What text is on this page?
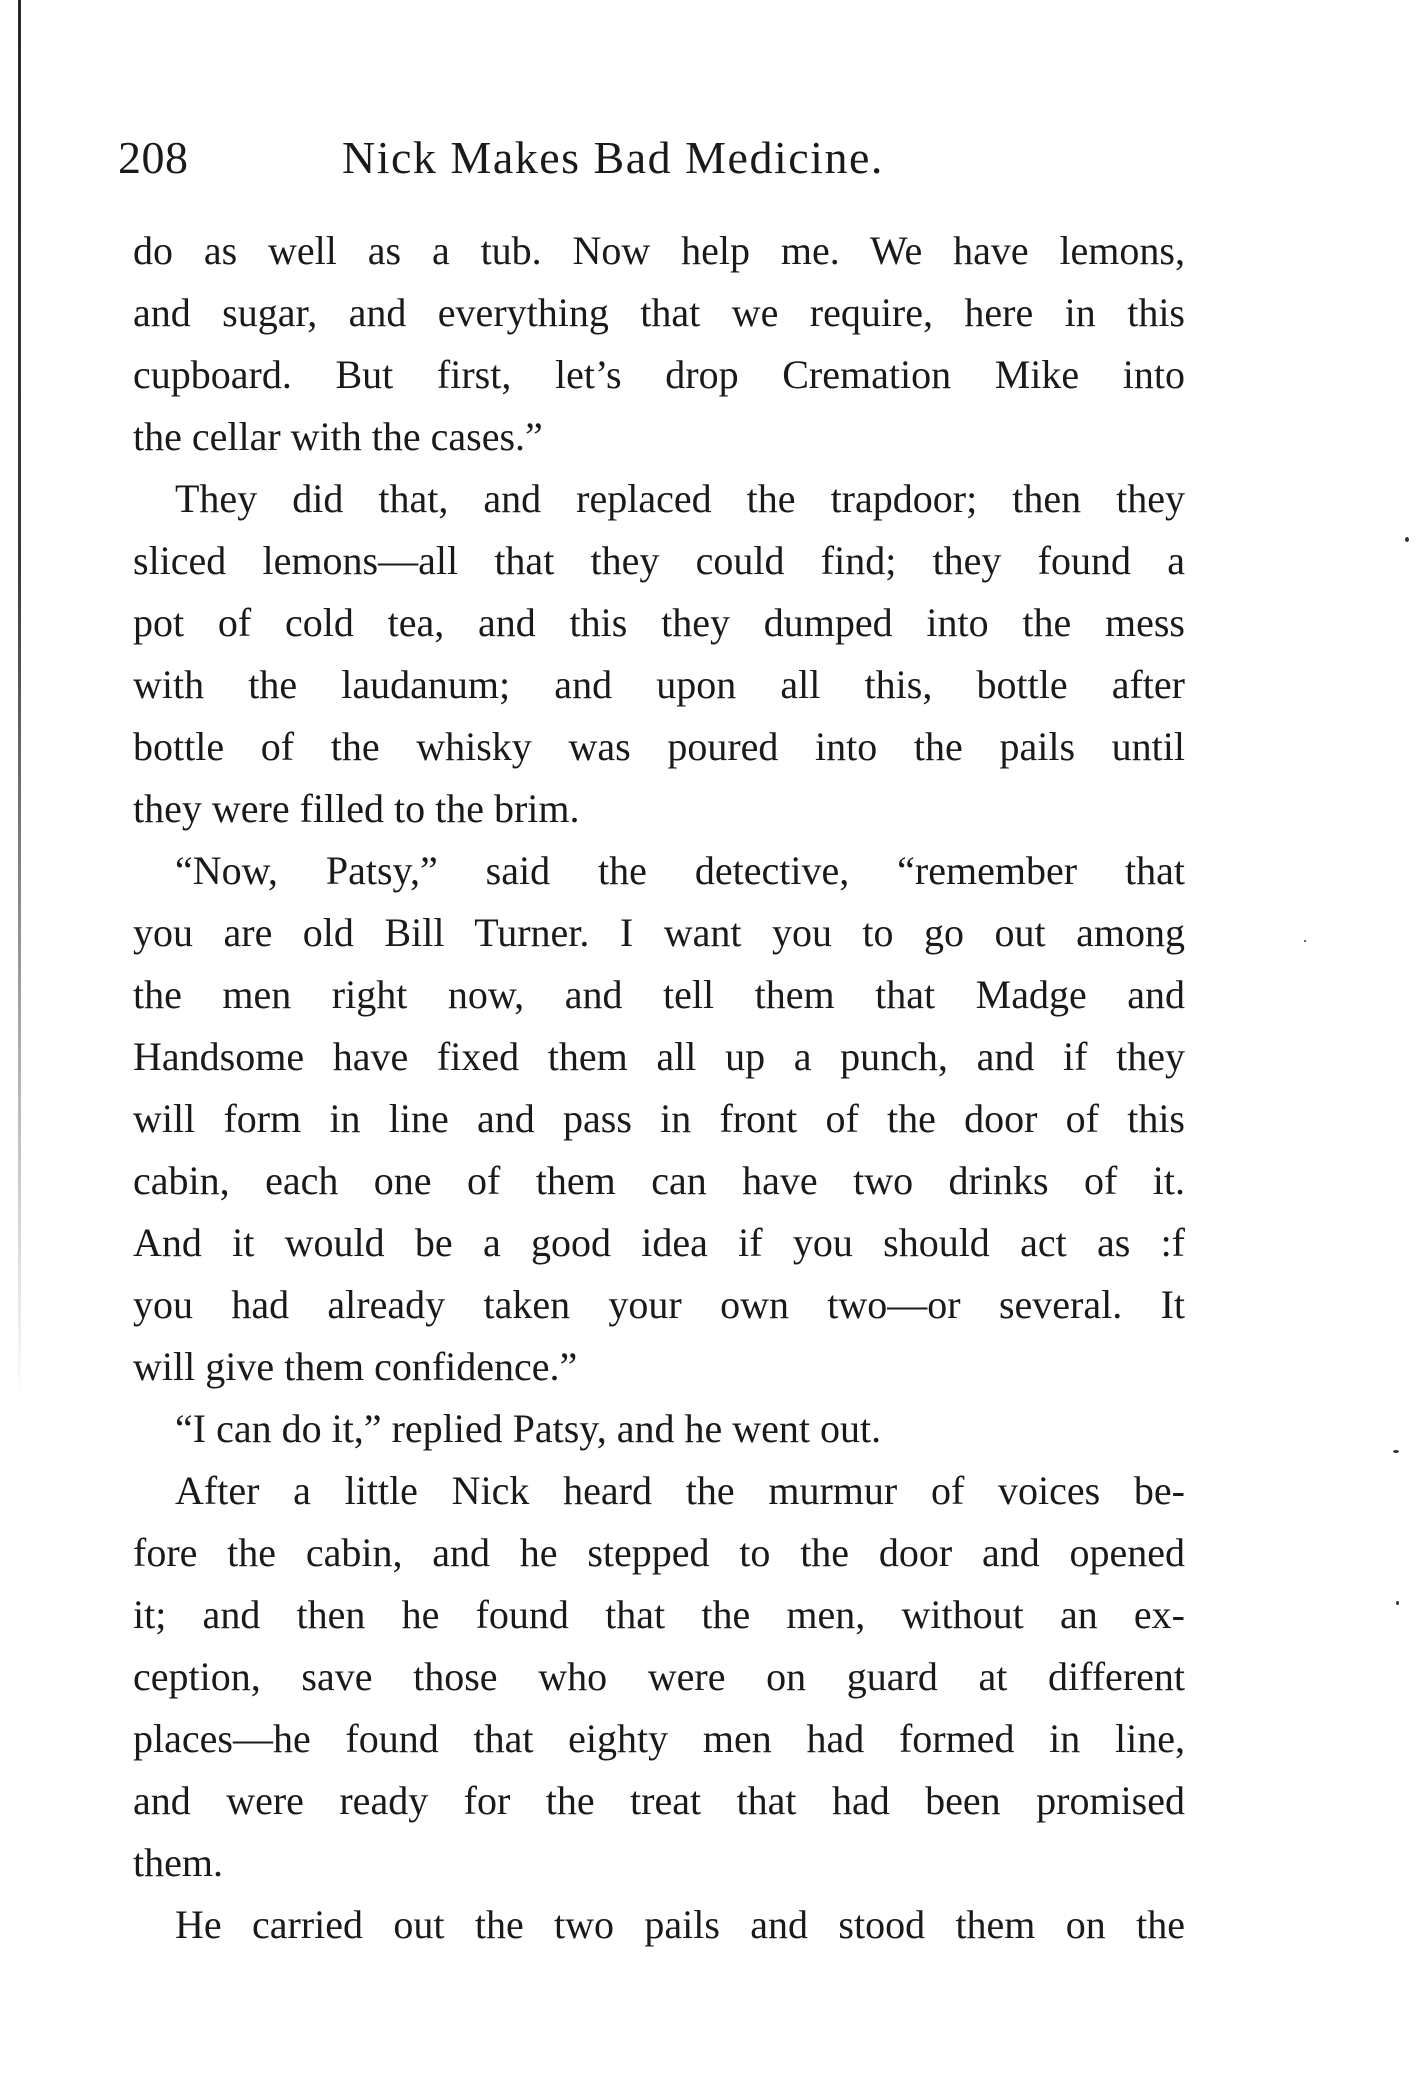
208	Nick Makes Bad Medicine.
do as well as a tub. Now help me. We have lemons,
and sugar, and everything that we require, here in this
cupboard. But first, let’s drop Cremation Mike into
the cellar with the cases.”
They did that, and replaced the trapdoor; then they
sliced lemons—all that they could find; they found a
pot of cold tea, and this they dumped into the mess
with the laudanum; and upon all this, bottle after
bottle of the whisky was poured into the pails until
they were filled to the brim.
“Now, Patsy,” said the detective, “remember that
you are old Bill Turner. I want you to go out among
the men right now, and tell them that Madge and
Handsome have fixed them all up a punch, and if they
will form in line and pass in front of the door of this
cabin, each one of them can have two drinks of it.
And it would be a good idea if you should act as :f
you had already taken your own two—or several. It
will give them confidence.”
“I can do it,” replied Patsy, and he went out.
After a little Nick heard the murmur of voices be-
fore the cabin, and he stepped to the door and opened
it; and then he found that the men, without an ex-
ception, save those who were on guard at different
places—he found that eighty men had formed in line,
and were ready for the treat that had been promised
them.
He carried out the two pails and stood them on the
